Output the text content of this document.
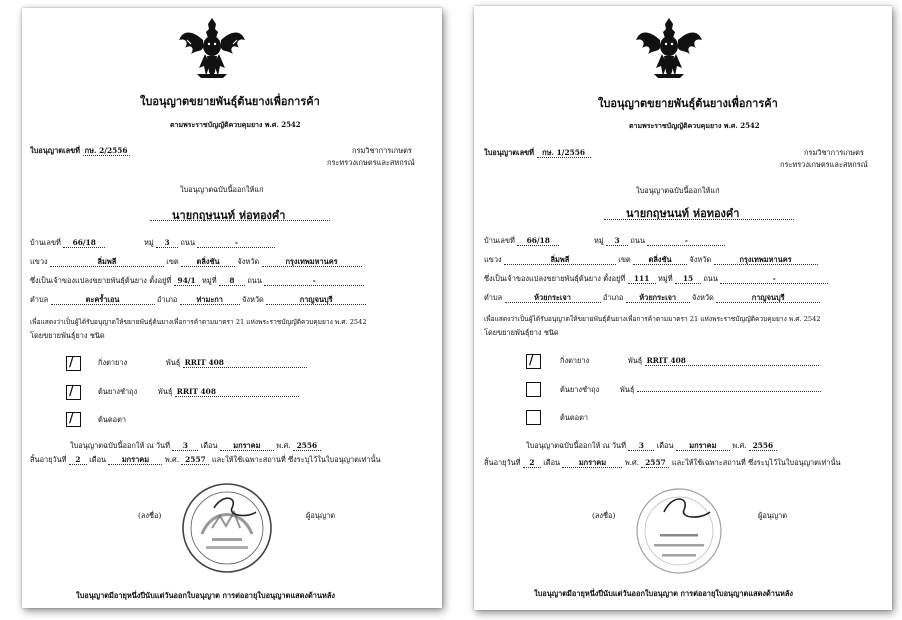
ใบอนุญาตขยายพันธุ์ต้นยางเพื่อการค้า
ตามพระราชบัญญัติควบคุมยาง พ.ศ. 2542
ใบอนุญาตเลขที่ กษ. 2/2556	กรมวิชาการเกษตร
กระทรวงเกษตรและสหกรณ์
ใบอนุญาตฉบับนี้ออกให้แก่
นายกฤษนนท์ ห่อทองคำ
บ้านเลขที่ 66/18	หมู่ 3 ถนน	-
แขวง	ลิ่มพลี	เขต ตลิ่งชัน จังหวัด	กรุงเทพมหานคร
ซึ่งเป็นเจ้าของแปลงขยายพันธุ์ต้นยาง ตั้งอยู่ที่ 94/1 หมู่ที่ 8 ถนน	-
ตำบล	ตะคร้ำเอน	อำเภอ	ท่ามะกา	จังหวัด	กาญจนบุรี
เพื่อแสดงว่าเป็นผู้ได้รับอนุญาตให้ขยายพันธุ์ต้นยางเพื่อการค้าตามมาตรา 21 แห่งพระราชบัญญัติควบคุมยาง พ.ศ. 2542
โดยขยายพันธุ์ยาง ชนิด
/	กิ่งตายาง	พันธุ์ RRIT 408
/	ต้นยางชำถุง	พันธุ์ RRIT 408
/	ต้นตอตา
ใบอนุญาตฉบับนี้ออกให้ ณ วันที่ 3 เดือน มกราคม พ.ศ. 2556
สิ้นอายุวันที่ 2 เดือน มกราคม พ.ศ. 2557 และให้ใช้เฉพาะสถานที่ ซึ่งระบุไว้ในใบอนุญาตเท่านั้น
(ลงชื่อ)	ผู้อนุญาต
ใบอนุญาตมีอายุหนึ่งปีนับแต่วันออกใบอนุญาต การต่ออายุใบอนุญาตแสดงด้านหลัง
ใบอนุญาตขยายพันธุ์ต้นยางเพื่อการค้า
ตามพระราชบัญญัติควบคุมยาง พ.ศ. 2542
ใบอนุญาตเลขที่ กษ. 1/2556	กรมวิชาการเกษตร
กระทรวงเกษตรและสหกรณ์
ใบอนุญาตฉบับนี้ออกให้แก่
นายกฤษนนท์ ห่อทองคำ
บ้านเลขที่ 66/18	หมู่ 3 ถนน	-
แขวง	ลิ่มพลี	เขต ตลิ่งชัน จังหวัด	กรุงเทพมหานคร
ซึ่งเป็นเจ้าของแปลงขยายพันธุ์ต้นยาง ตั้งอยู่ที่ 111 หมู่ที่ 15 ถนน	-
ตำบล	ห้วยกระเจา	อำเภอ ห้วยกระเจา จังหวัด	กาญจนบุรี
เพื่อแสดงว่าเป็นผู้ได้รับอนุญาตให้ขยายพันธุ์ต้นยางเพื่อการค้าตามมาตรา 21 แห่งพระราชบัญญัติควบคุมยาง พ.ศ. 2542
โดยขยายพันธุ์ยาง ชนิด
/	กิ่งตายาง	พันธุ์ RRIT 408
ต้นยางชำถุง	พันธุ์
ต้นตอตา
ใบอนุญาตฉบับนี้ออกให้ ณ วันที่ 3 เดือน มกราคม พ.ศ. 2556
สิ้นอายุวันที่ 2 เดือน	มกราคม	พ.ศ. 2557 และให้ใช้เฉพาะสถานที่ ซึ่งระบุไว้ในใบอนุญาตเท่านั้น
(ลงชื่อ)	ผู้อนุญาต
ใบอนุญาตมีอายุหนึ่งปีนับแต่วันออกใบอนุญาต การต่ออายุใบอนุญาตแสดงด้านหลัง
